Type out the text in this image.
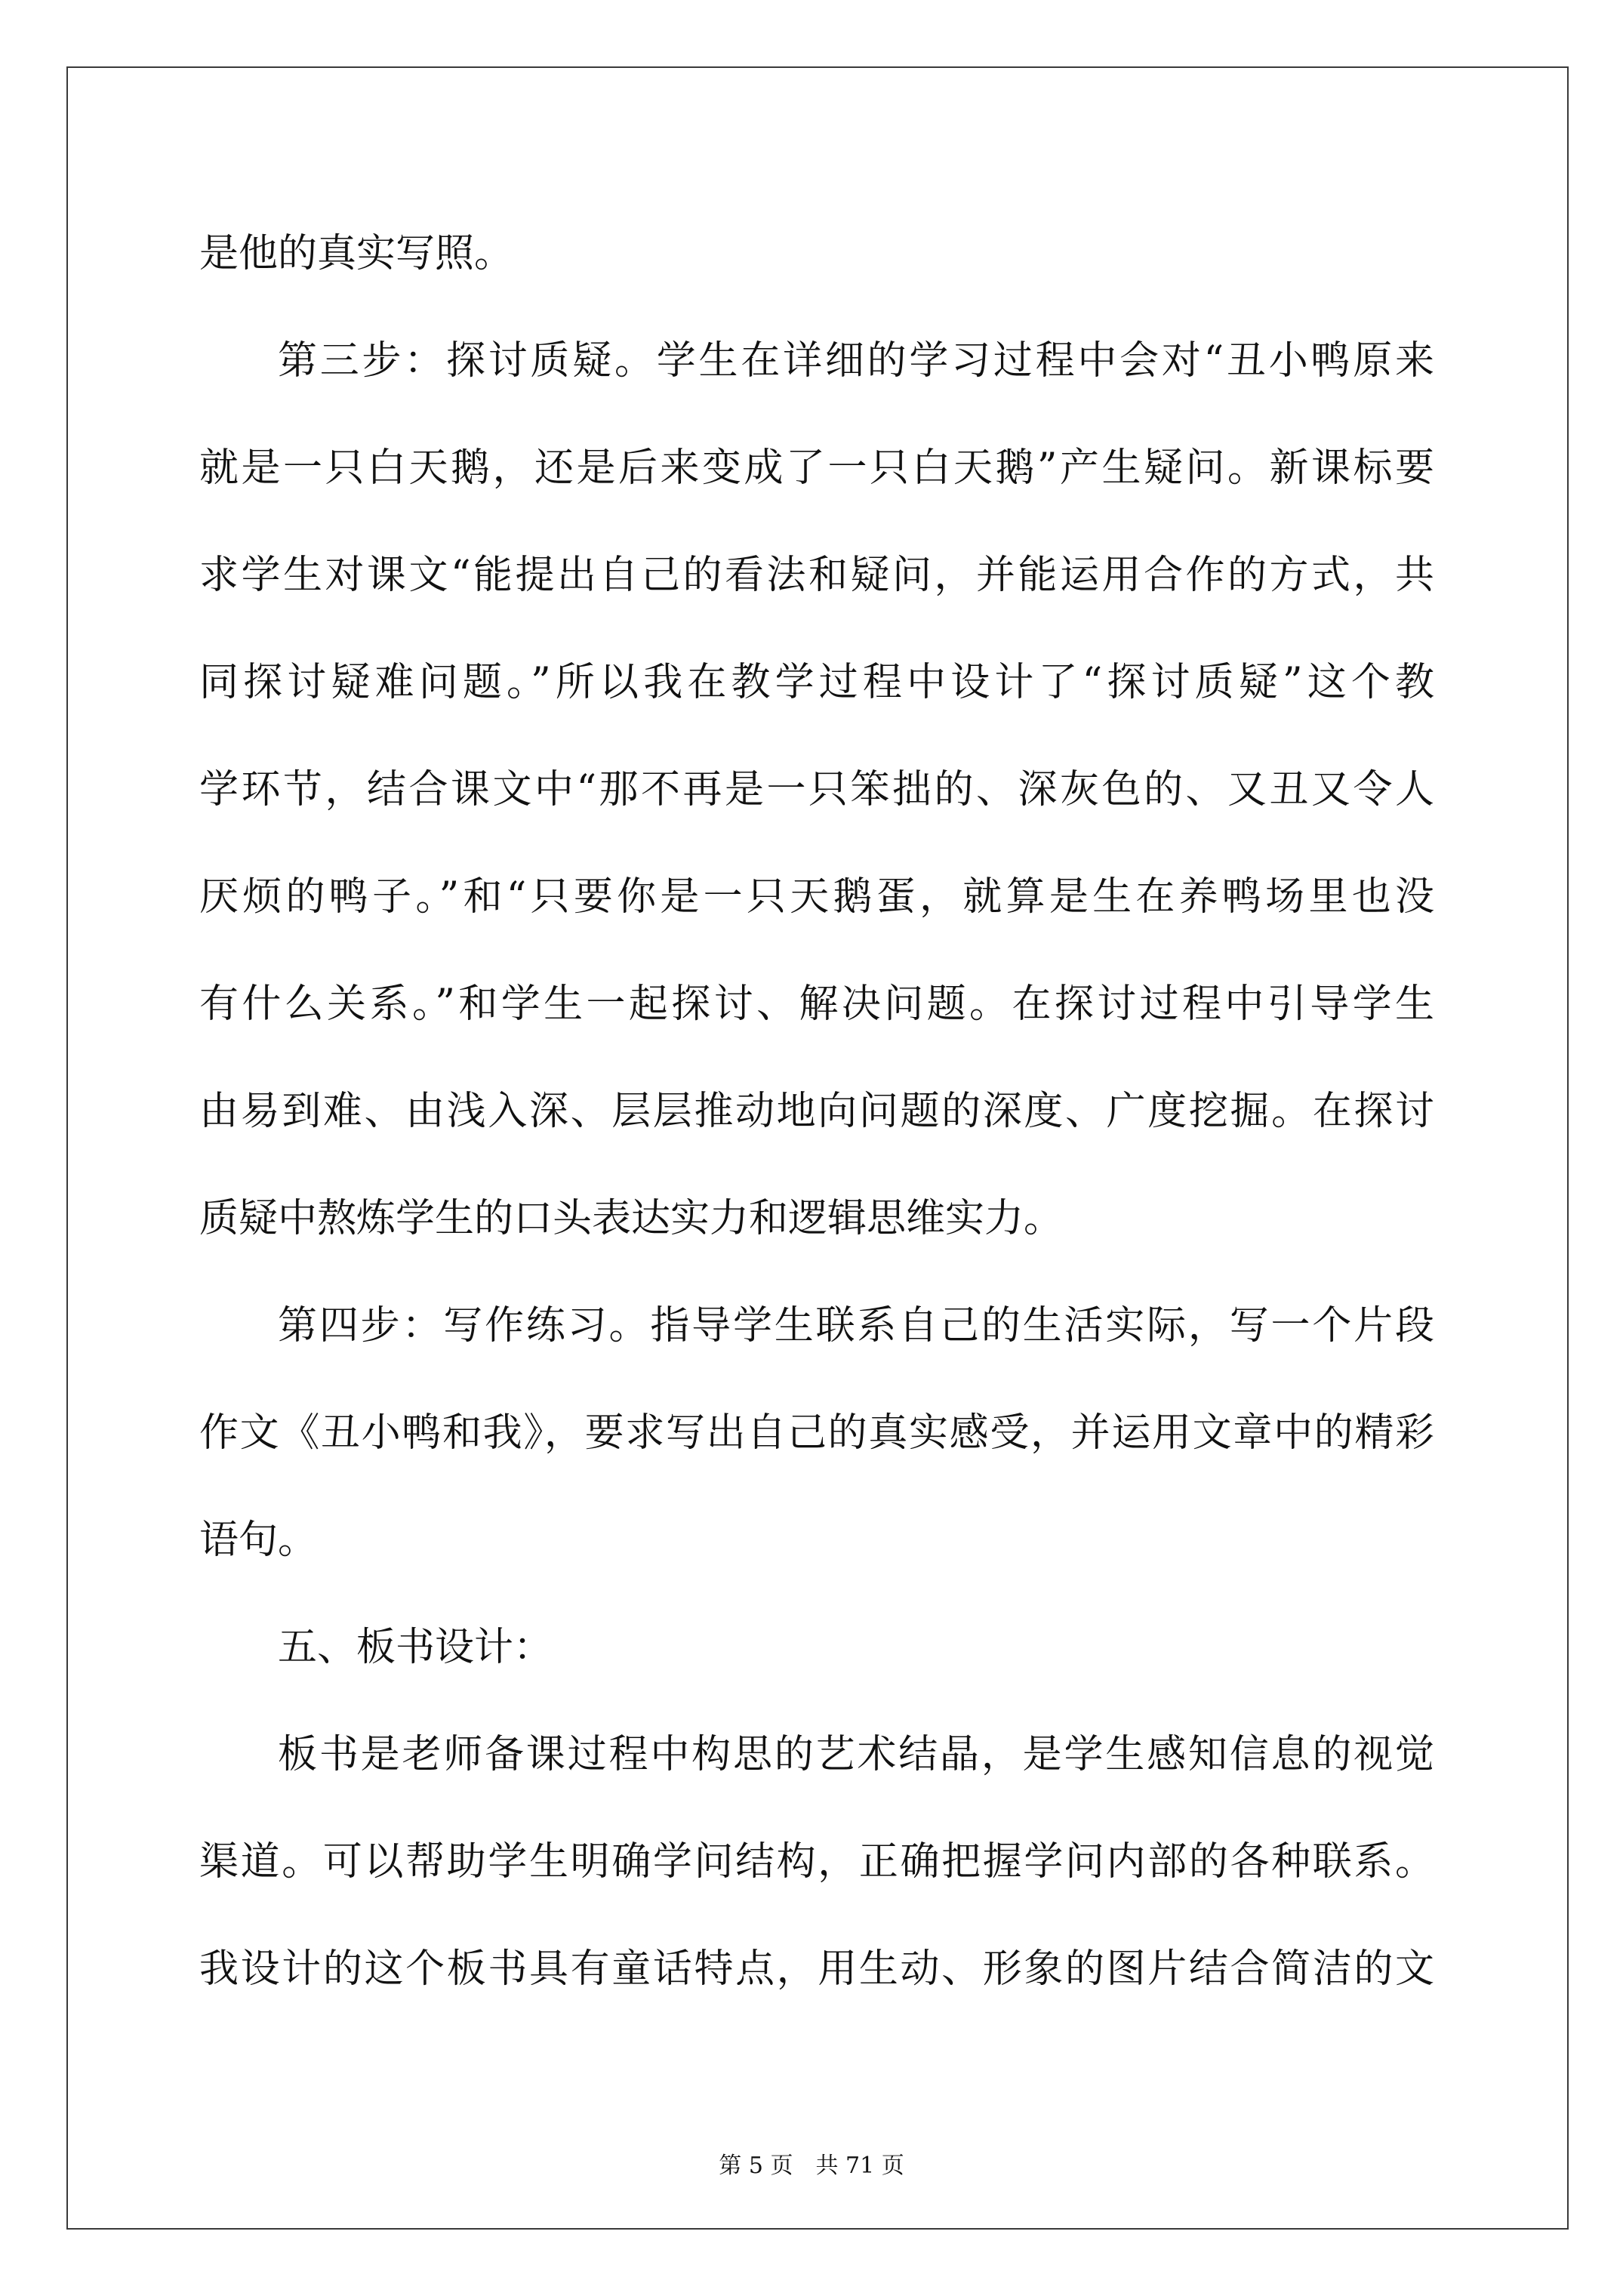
是他的真实写照。
第三步：探讨质疑。学生在详细的学习过程中会对“丑小鸭原来
就是一只白天鹅，还是后来变成了一只白天鹅”产生疑问。新课标要
求学生对课文“能提出自己的看法和疑问，并能运用合作的方式，共
同探讨疑难问题。”所以我在教学过程中设计了“探讨质疑”这个教
学环节，结合课文中“那不再是一只笨拙的、深灰色的、又丑又令人
厌烦的鸭子。”和“只要你是一只天鹅蛋，就算是生在养鸭场里也没
有什么关系。”和学生一起探讨、解决问题。在探讨过程中引导学生
由易到难、由浅入深、层层推动地向问题的深度、广度挖掘。在探讨
质疑中熬炼学生的口头表达实力和逻辑思维实力。
第四步：写作练习。指导学生联系自己的生活实际，写一个片段
作文《丑小鸭和我》，要求写出自己的真实感受，并运用文章中的精彩
语句。
五、板书设计：
板书是老师备课过程中构思的艺术结晶，是学生感知信息的视觉
渠道。可以帮助学生明确学问结构，正确把握学问内部的各种联系。
我设计的这个板书具有童话特点，用生动、形象的图片结合简洁的文
第 5 页　共 71 页
